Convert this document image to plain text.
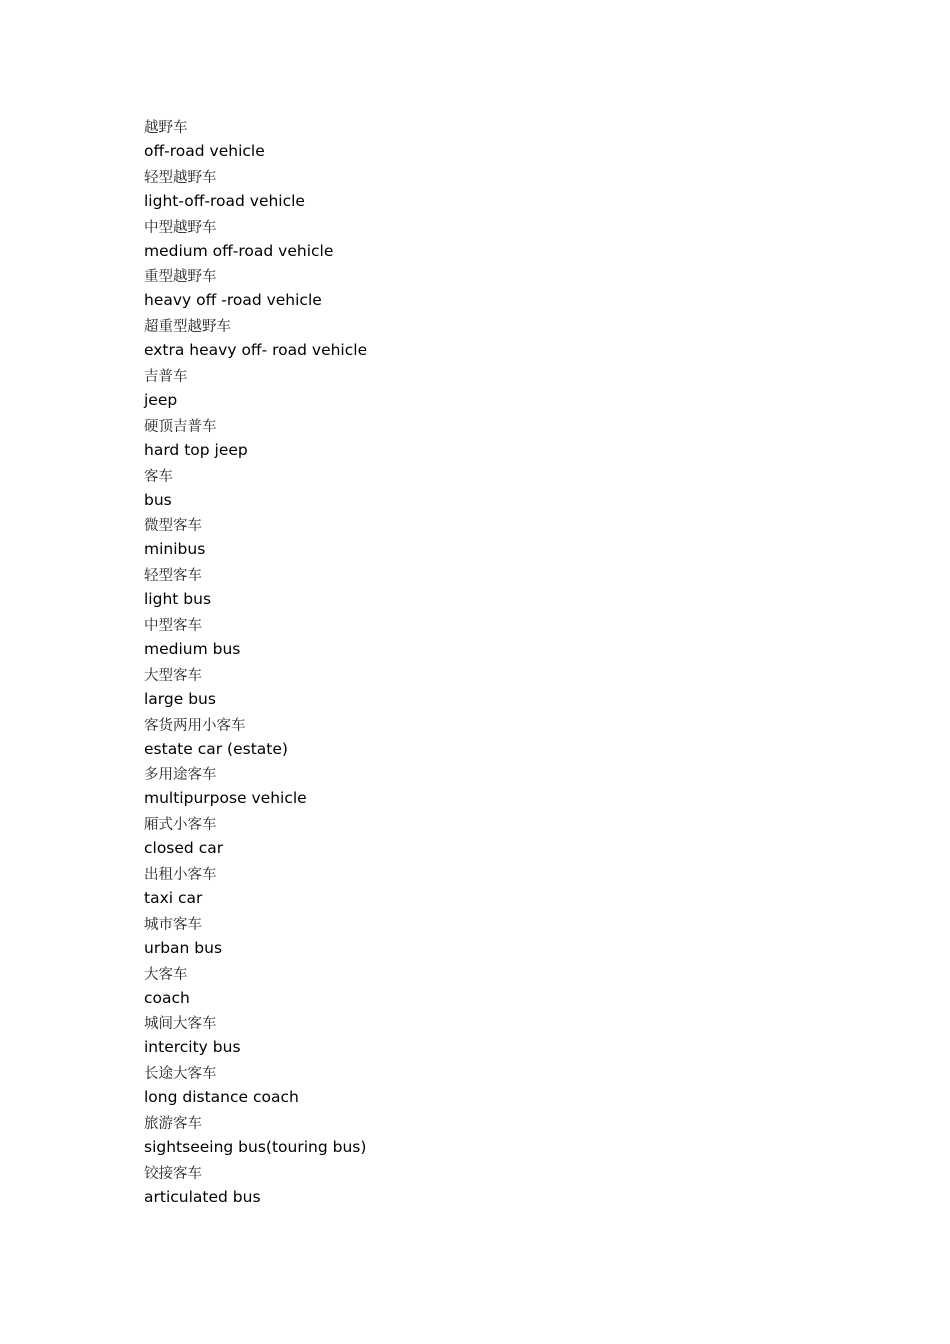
越野车
off-road vehicle
轻型越野车
light-off-road vehicle
中型越野车
medium off-road vehicle
重型越野车
heavy off -road vehicle
超重型越野车
extra heavy off- road vehicle
吉普车
jeep
硬顶吉普车
hard top jeep
客车
bus
微型客车
minibus
轻型客车
light bus
中型客车
medium bus
大型客车
large bus
客货两用小客车
estate car (estate)
多用途客车
multipurpose vehicle
厢式小客车
closed car
出租小客车
taxi car
城市客车
urban bus
大客车
coach
城间大客车
intercity bus
长途大客车
long distance coach
旅游客车
sightseeing bus(touring bus)
铰接客车
articulated bus
